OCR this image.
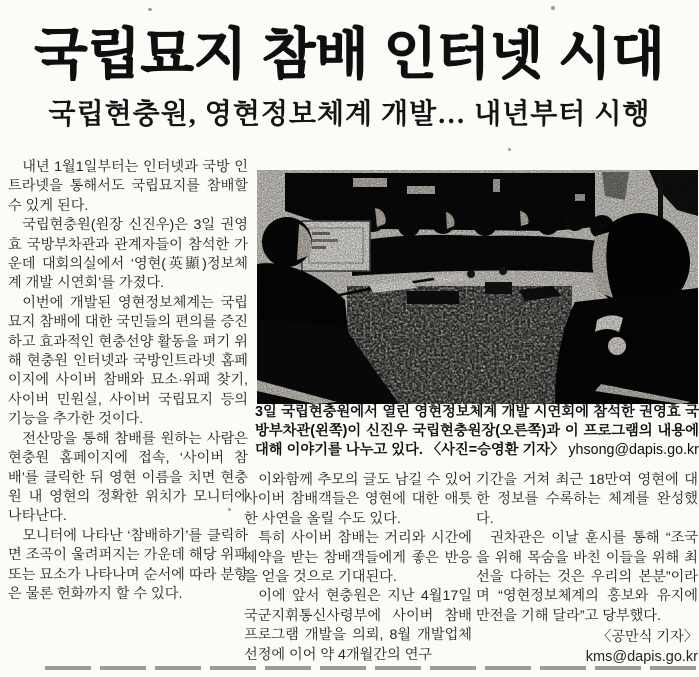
국립묘지 참배 인터넷 시대
국립현충원, 영현정보체계 개발… 내년부터 시행

내년 1월1일부터는 인터넷과 국방 인트라넷을 통해서도 국립묘지를 참배할 수 있게 된다.

국립현충원(원장 신진우)은 3일 권영효 국방부차관과 관계자들이 참석한 가운데 대회의실에서 ‘영현(英顯)정보체계 개발 시연회’를 가졌다.

이번에 개발된 영현정보체계는 국립묘지 참배에 대한 국민들의 편의를 증진하고 효과적인 현충선양 활동을 펴기 위해 현충원 인터넷과 국방인트라넷 홈페이지에 사이버 참배와 묘소·위패 찾기, 사이버 민원실, 사이버 국립묘지 등의 기능을 추가한 것이다.

전산망을 통해 참배를 원하는 사람은 현충원 홈페이지에 접속, ‘사이버 참배’를 클릭한 뒤 영현 이름을 치면 현충원 내 영현의 정확한 위치가 모니터에 나타난다.

모니터에 나타난 ‘참배하기’를 클릭하면 조곡이 울려퍼지는 가운데 해당 위패 또는 묘소가 나타나며 순서에 따라 분향은 물론 헌화까지 할 수 있다.

3일 국립현충원에서 열린 영현정보체계 개발 시연회에 참석한 권영효 국방부차관(왼쪽)이 신진우 국립현충원장(오른쪽)과 이 프로그램의 내용에 대해 이야기를 나누고 있다. 〈사진=승영환 기자〉 yhsong@dapis.go.kr

이와함께 추모의 글도 남길 수 있어 사이버 참배객들은 영현에 대한 애틋한 사연을 올릴 수도 있다.

특히 사이버 참배는 거리와 시간에 제약을 받는 참배객들에게 좋은 반응을 얻을 것으로 기대된다.

이에 앞서 현충원은 지난 4월17일 국군지휘통신사령부에 사이버 참배 프로그램 개발을 의뢰, 8월 개발업체 선정에 이어 약 4개월간의 연구

기간을 거쳐 최근 18만여 영현에 대한 정보를 수록하는 체계를 완성했다.

권차관은 이날 훈시를 통해 “조국을 위해 목숨을 바친 이들을 위해 최선을 다하는 것은 우리의 본분”이라며 “영현정보체계의 홍보와 유지에 만전을 기해 달라”고 당부했다.

〈공만식 기자〉

kms@dapis.go.kr
